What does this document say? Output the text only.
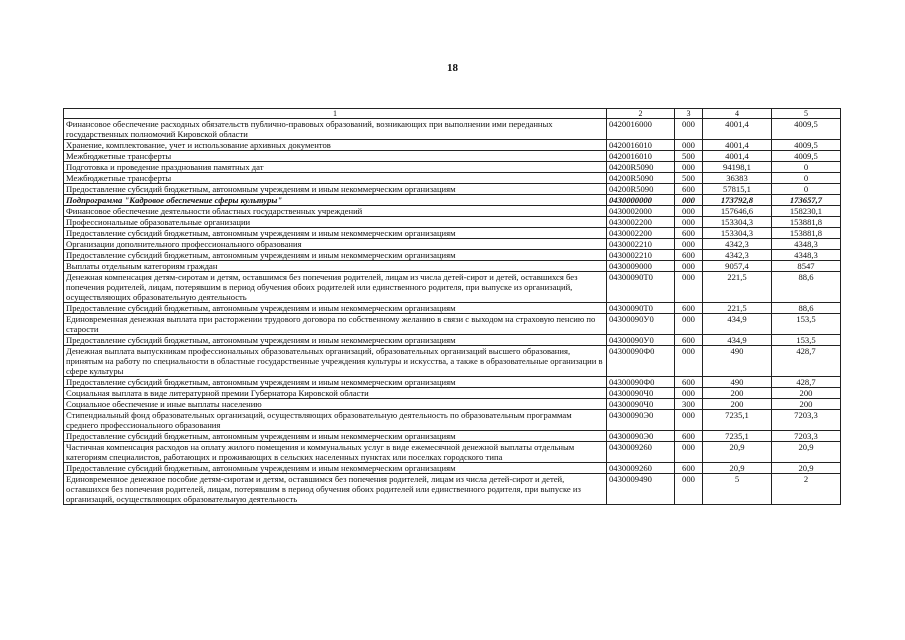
18
1	2	3	4	5
Финансовое обеспечение расходных обязательств публично-правовых образований, возникающих при выполнении ими переданных государственных полномочий Кировской области	0420016000	000	4001,4	4009,5
Хранение, комплектование, учет и использование архивных документов	0420016010	000	4001,4	4009,5
Межбюджетные трансферты	0420016010	500	4001,4	4009,5
Подготовка и проведение празднования памятных дат	04200R5090	000	94198,1	0
Межбюджетные трансферты	04200R5090	500	36383	0
Предоставление субсидий бюджетным, автономным учреждениям и иным некоммерческим организациям	04200R5090	600	57815,1	0
Подпрограмма "Кадровое обеспечение сферы культуры"	0430000000	000	173792,8	173657,7
Финансовое обеспечение деятельности областных государственных учреждений	0430002000	000	157646,6	158230,1
Профессиональные образовательные организации	0430002200	000	153304,3	153881,8
Предоставление субсидий бюджетным, автономным учреждениям и иным некоммерческим организациям	0430002200	600	153304,3	153881,8
Организации дополнительного профессионального образования	0430002210	000	4342,3	4348,3
Предоставление субсидий бюджетным, автономным учреждениям и иным некоммерческим организациям	0430002210	600	4342,3	4348,3
Выплаты отдельным категориям граждан	0430009000	000	9057,4	8547
Денежная компенсация детям-сиротам и детям, оставшимся без попечения родителей, лицам из числа детей-сирот и детей, оставшихся без попечения родителей, лицам, потерявшим в период обучения обоих родителей или единственного родителя, при выпуске из организаций, осуществляющих образовательную деятельность	04300090Т0	000	221,5	88,6
Предоставление субсидий бюджетным, автономным учреждениям и иным некоммерческим организациям	04300090Т0	600	221,5	88,6
Единовременная денежная выплата при расторжении трудового договора по собственному желанию в связи с выходом на страховую пенсию по старости	04300090У0	000	434,9	153,5
Предоставление субсидий бюджетным, автономным учреждениям и иным некоммерческим организациям	04300090У0	600	434,9	153,5
Денежная выплата выпускникам профессиональных образовательных организаций, образовательных организаций высшего образования, принятым на работу по специальности в областные государственные учреждения культуры и искусства, а также в образовательные организации в сфере культуры	04300090Ф0	000	490	428,7
Предоставление субсидий бюджетным, автономным учреждениям и иным некоммерческим организациям	04300090Ф0	600	490	428,7
Социальная выплата в виде литературной премии Губернатора Кировской области	04300090Ч0	000	200	200
Социальное обеспечение и иные выплаты населению	04300090Ч0	300	200	200
Стипендиальный фонд образовательных организаций, осуществляющих образовательную деятельность по образовательным программам среднего профессионального образования	04300090Э0	000	7235,1	7203,3
Предоставление субсидий бюджетным, автономным учреждениям и иным некоммерческим организациям	04300090Э0	600	7235,1	7203,3
Частичная компенсация расходов на оплату жилого помещения и коммунальных услуг в виде ежемесячной денежной выплаты отдельным категориям специалистов, работающих и проживающих в сельских населенных пунктах или поселках городского типа	0430009260	000	20,9	20,9
Предоставление субсидий бюджетным, автономным учреждениям и иным некоммерческим организациям	0430009260	600	20,9	20,9
Единовременное денежное пособие детям-сиротам и детям, оставшимся без попечения родителей, лицам из числа детей-сирот и детей, оставшихся без попечения родителей, лицам, потерявшим в период обучения обоих родителей или единственного родителя, при выпуске из организаций, осуществляющих образовательную деятельность	0430009490	000	5	2
